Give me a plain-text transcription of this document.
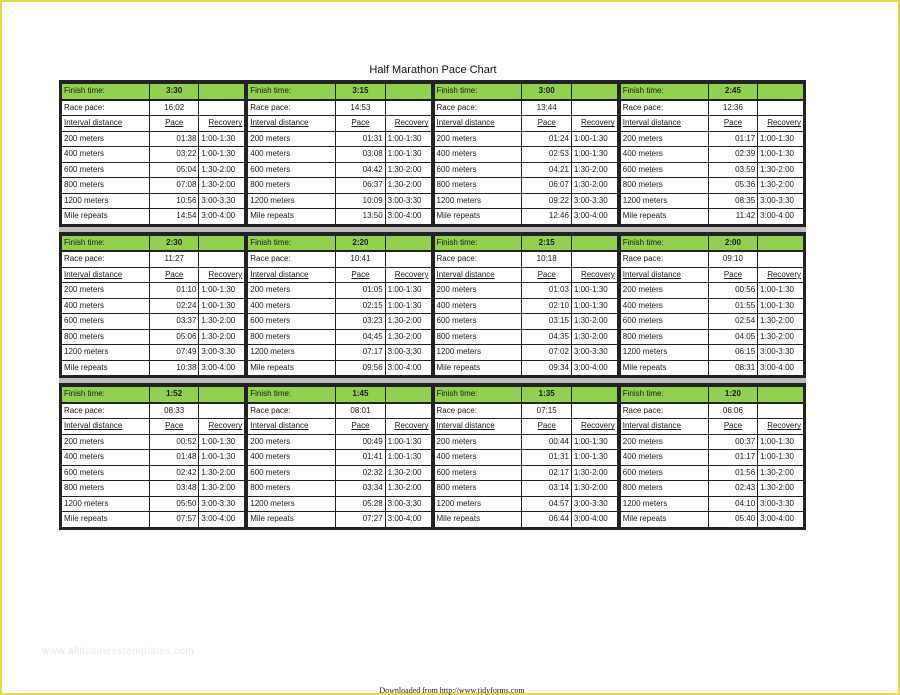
Half Marathon Pace Chart
Finish time:	3:30	
Race pace:	16:02	
Interval distance	Pace	Recovery
200 meters	01:38	1:00-1:30
400 meters	03:22	1:00-1:30
600 meters	05:04	1:30-2:00
800 meters	07:08	1:30-2:00
1200 meters	10:56	3:00-3:30
Mile repeats	14:54	3:00-4:00
Finish time:	3:15	
Race pace:	14:53	
Interval distance	Pace	Recovery
200 meters	01:31	1:00-1:30
400 meters	03:08	1:00-1:30
600 meters	04:42	1:30-2:00
800 meters	06:37	1:30-2:00
1200 meters	10:09	3:00-3:30
Mile repeats	13:50	3:00-4:00
Finish time:	3:00	
Race pace:	13:44	
Interval distance	Pace	Recovery
200 meters	01:24	1:00-1:30
400 meters	02:53	1:00-1:30
600 meters	04:21	1:30-2:00
800 meters	06:07	1:30-2:00
1200 meters	09:22	3:00-3:30
Mile repeats	12:46	3:00-4:00
Finish time:	2:45	
Race pace:	12:36	
Interval distance	Pace	Recovery
200 meters	01:17	1:00-1:30
400 meters	02:39	1:00-1:30
600 meters	03:59	1:30-2:00
800 meters	05:36	1:30-2:00
1200 meters	08:35	3:00-3:30
Mile repeats	11:42	3:00-4:00
Finish time:	2:30	
Race pace:	11:27	
Interval distance	Pace	Recovery
200 meters	01:10	1:00-1:30
400 meters	02:24	1:00-1:30
600 meters	03:37	1:30-2:00
800 meters	05:06	1:30-2:00
1200 meters	07:49	3:00-3:30
Mile repeats	10:38	3:00-4:00
Finish time:	2:20	
Race pace:	10:41	
Interval distance	Pace	Recovery
200 meters	01:05	1:00-1:30
400 meters	02:15	1:00-1:30
600 meters	03:23	1:30-2:00
800 meters	04:45	1:30-2:00
1200 meters	07:17	3:00-3:30
Mile repeats	09:56	3:00-4:00
Finish time:	2:15	
Race pace:	10:18	
Interval distance	Pace	Recovery
200 meters	01:03	1:00-1:30
400 meters	02:10	1:00-1:30
600 meters	03:15	1:30-2:00
800 meters	04:35	1:30-2:00
1200 meters	07:02	3:00-3:30
Mile repeats	09:34	3:00-4:00
Finish time:	2:00	
Race pace:	09:10	
Interval distance	Pace	Recovery
200 meters	00:56	1:00-1:30
400 meters	01:55	1:00-1:30
600 meters	02:54	1:30-2:00
800 meters	04:05	1:30-2:00
1200 meters	06:15	3:00-3:30
Mile repeats	08:31	3:00-4:00
Finish time:	1:52	
Race pace:	08:33	
Interval distance	Pace	Recovery
200 meters	00:52	1:00-1:30
400 meters	01:48	1:00-1:30
600 meters	02:42	1:30-2:00
800 meters	03:48	1:30-2:00
1200 meters	05:50	3:00-3:30
Mile repeats	07:57	3:00-4:00
Finish time:	1:45	
Race pace:	08:01	
Interval distance	Pace	Recovery
200 meters	00:49	1:00-1:30
400 meters	01:41	1:00-1:30
600 meters	02:32	1:30-2:00
800 meters	03:34	1:30-2:00
1200 meters	05:28	3:00-3:30
Mile repeats	07:27	3:00-4:00
Finish time:	1:35	
Race pace:	07:15	
Interval distance	Pace	Recovery
200 meters	00:44	1:00-1:30
400 meters	01:31	1:00-1:30
600 meters	02:17	1:30-2:00
800 meters	03:14	1:30-2:00
1200 meters	04:57	3:00-3:30
Mile repeats	06:44	3:00-4:00
Finish time:	1:20	
Race pace:	06:06	
Interval distance	Pace	Recovery
200 meters	00:37	1:00-1:30
400 meters	01:17	1:00-1:30
600 meters	01:56	1:30-2:00
800 meters	02:43	1:30-2:00
1200 meters	04:10	3:00-3:30
Mile repeats	05:40	3:00-4:00
www.allbusinesstemplates.com
Downloaded from http://www.tidyforms.com
